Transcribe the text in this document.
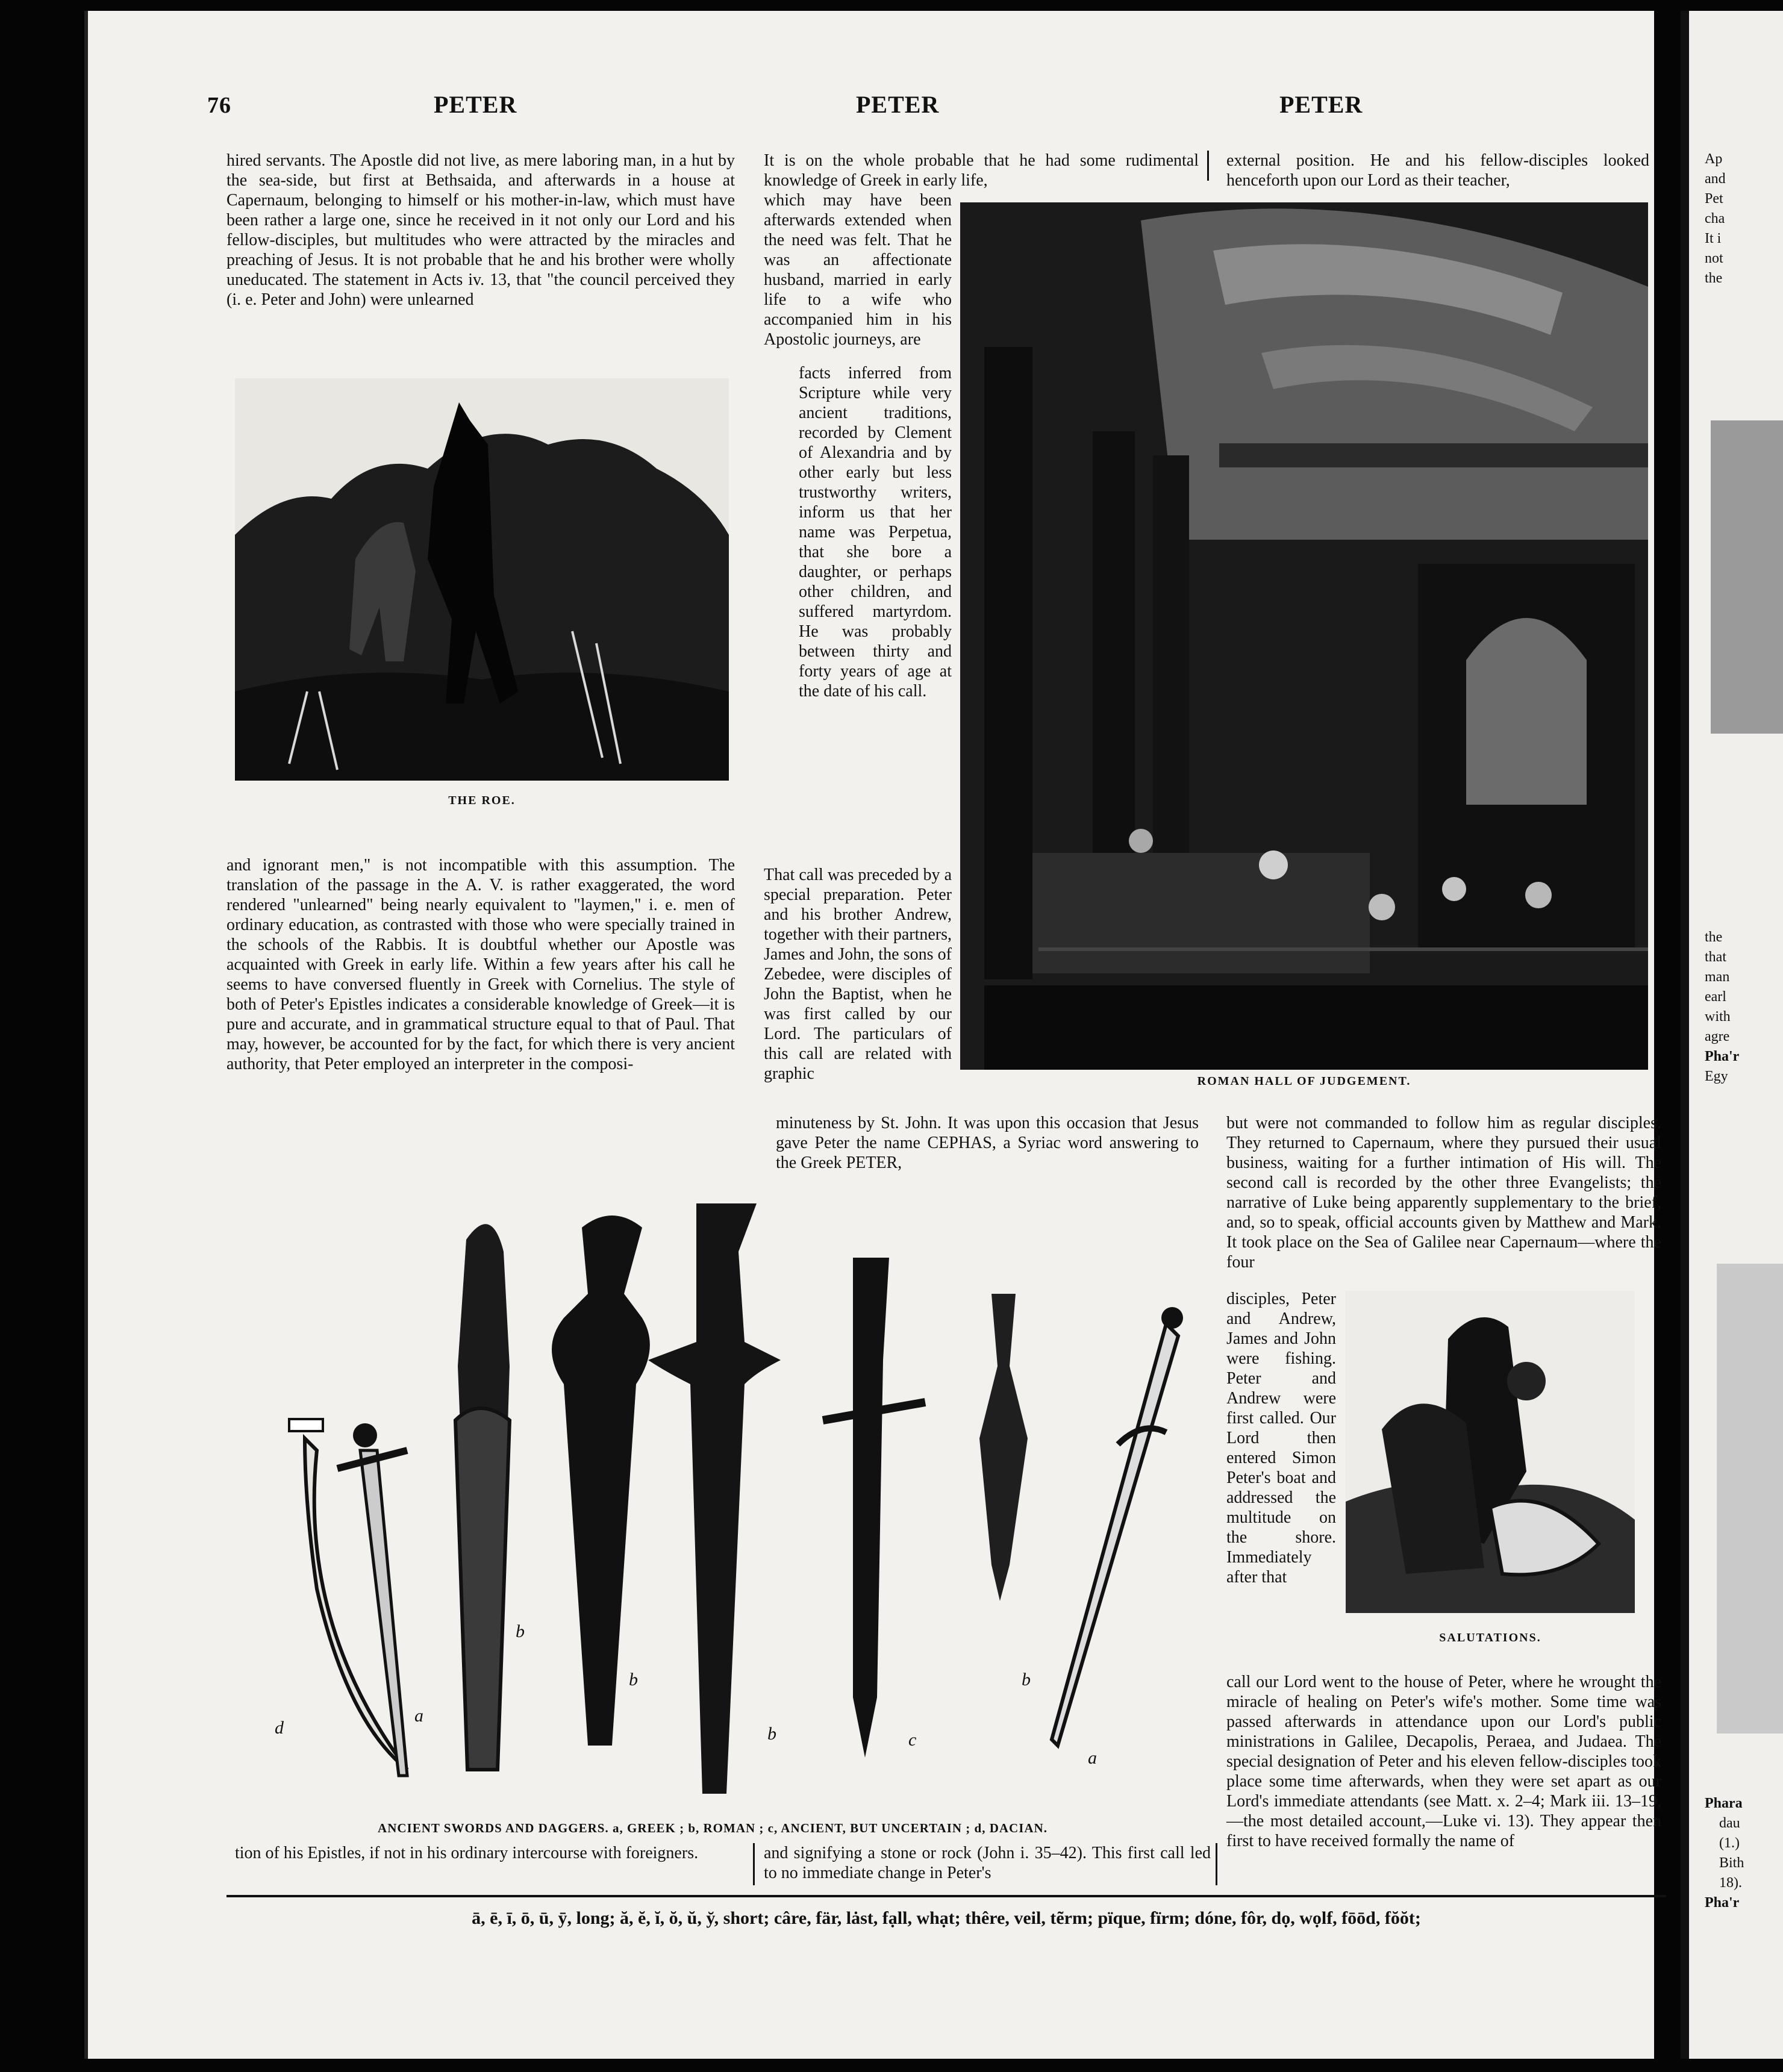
76	PETER	PETER	PETER

hired servants. The Apostle did not live, as mere laboring man, in a hut by the sea-side, but first at Bethsaida, and afterwards in a house at Capernaum, belonging to himself or his mother-in-law, which must have been rather a large one, since he received in it not only our Lord and his fellow-disciples, but multitudes who were attracted by the miracles and preaching of Jesus. It is not probable that he and his brother were wholly uneducated. The statement in Acts iv. 13, that "the council perceived they (i. e. Peter and John) were unlearned

THE ROE.

and ignorant men," is not incompatible with this assumption. The translation of the passage in the A. V. is rather exaggerated, the word rendered "unlearned" being nearly equivalent to "laymen," i. e. men of ordinary education, as contrasted with those who were specially trained in the schools of the Rabbis. It is doubtful whether our Apostle was acquainted with Greek in early life. Within a few years after his call he seems to have conversed fluently in Greek with Cornelius. The style of both of Peter's Epistles indicates a considerable knowledge of Greek—it is pure and accurate, and in grammatical structure equal to that of Paul. That may, however, be accounted for by the fact, for which there is very ancient authority, that Peter employed an interpreter in the composi-

It is on the whole probable that he had some rudimental knowledge of Greek in early life,

which may have been afterwards extended when the need was felt. That he was an affectionate husband, married in early life to a wife who accompanied him in his Apostolic journeys, are

facts inferred from Scripture while very ancient traditions, recorded by Clement of Alexandria and by other early but less trustworthy writers, inform us that her name was Perpetua, that she bore a daughter, or perhaps other children, and suffered martyrdom. He was probably between thirty and forty years of age at the date of his call.

That call was preceded by a special preparation. Peter and his brother Andrew, together with their partners, James and John, the sons of Zebedee, were disciples of John the Baptist, when he was first called by our Lord. The particulars of this call are related with graphic

minuteness by St. John. It was upon this occasion that Jesus gave Peter the name CEPHAS, a Syriac word answering to the Greek PETER,

ROMAN HALL OF JUDGEMENT.

external position. He and his fellow-disciples looked henceforth upon our Lord as their teacher,

but were not commanded to follow him as regular disciples. They returned to Capernaum, where they pursued their usual business, waiting for a further intimation of His will. The second call is recorded by the other three Evangelists; the narrative of Luke being apparently supplementary to the brief, and, so to speak, official accounts given by Matthew and Mark. It took place on the Sea of Galilee near Capernaum—where the four

disciples, Peter and Andrew, James and John were fishing. Peter and Andrew were first called. Our Lord then entered Simon Peter's boat and addressed the multitude on the shore. Immediately after that

call our Lord went to the house of Peter, where he wrought the miracle of healing on Peter's wife's mother. Some time was passed afterwards in attendance upon our Lord's public ministrations in Galilee, Decapolis, Peraea, and Judaea. The special designation of Peter and his eleven fellow-disciples took place some time afterwards, when they were set apart as our Lord's immediate attendants (see Matt. x. 2–4; Mark iii. 13–19,—the most detailed account,—Luke vi. 13). They appear then first to have received formally the name of

SALUTATIONS.
d
a
b
b
b	c
b
a
ANCIENT SWORDS AND DAGGERS. a, GREEK ; b, ROMAN ; c, ANCIENT, BUT UNCERTAIN ; d, DACIAN.

tion of his Epistles, if not in his ordinary intercourse with foreigners.	and signifying a stone or rock (John i. 35–42). This first call led to no immediate change in Peter's

ā, ē, ī, ō, ū, ȳ, long; ă, ĕ, ĭ, ŏ, ŭ, y̆, short; câre, fär, lȧst, fạll, whạt; thêre, veil, tẽrm; pïque, fïrm; dóne, fôr, dọ, wọlf, fōōd, fŏŏt;
Ap
and
Pet
cha
It i
not
the
the
that
man
earl
with
agre
Pha'r
Egy
Phara
dau
(1.)
Bith
18).
Pha'r
